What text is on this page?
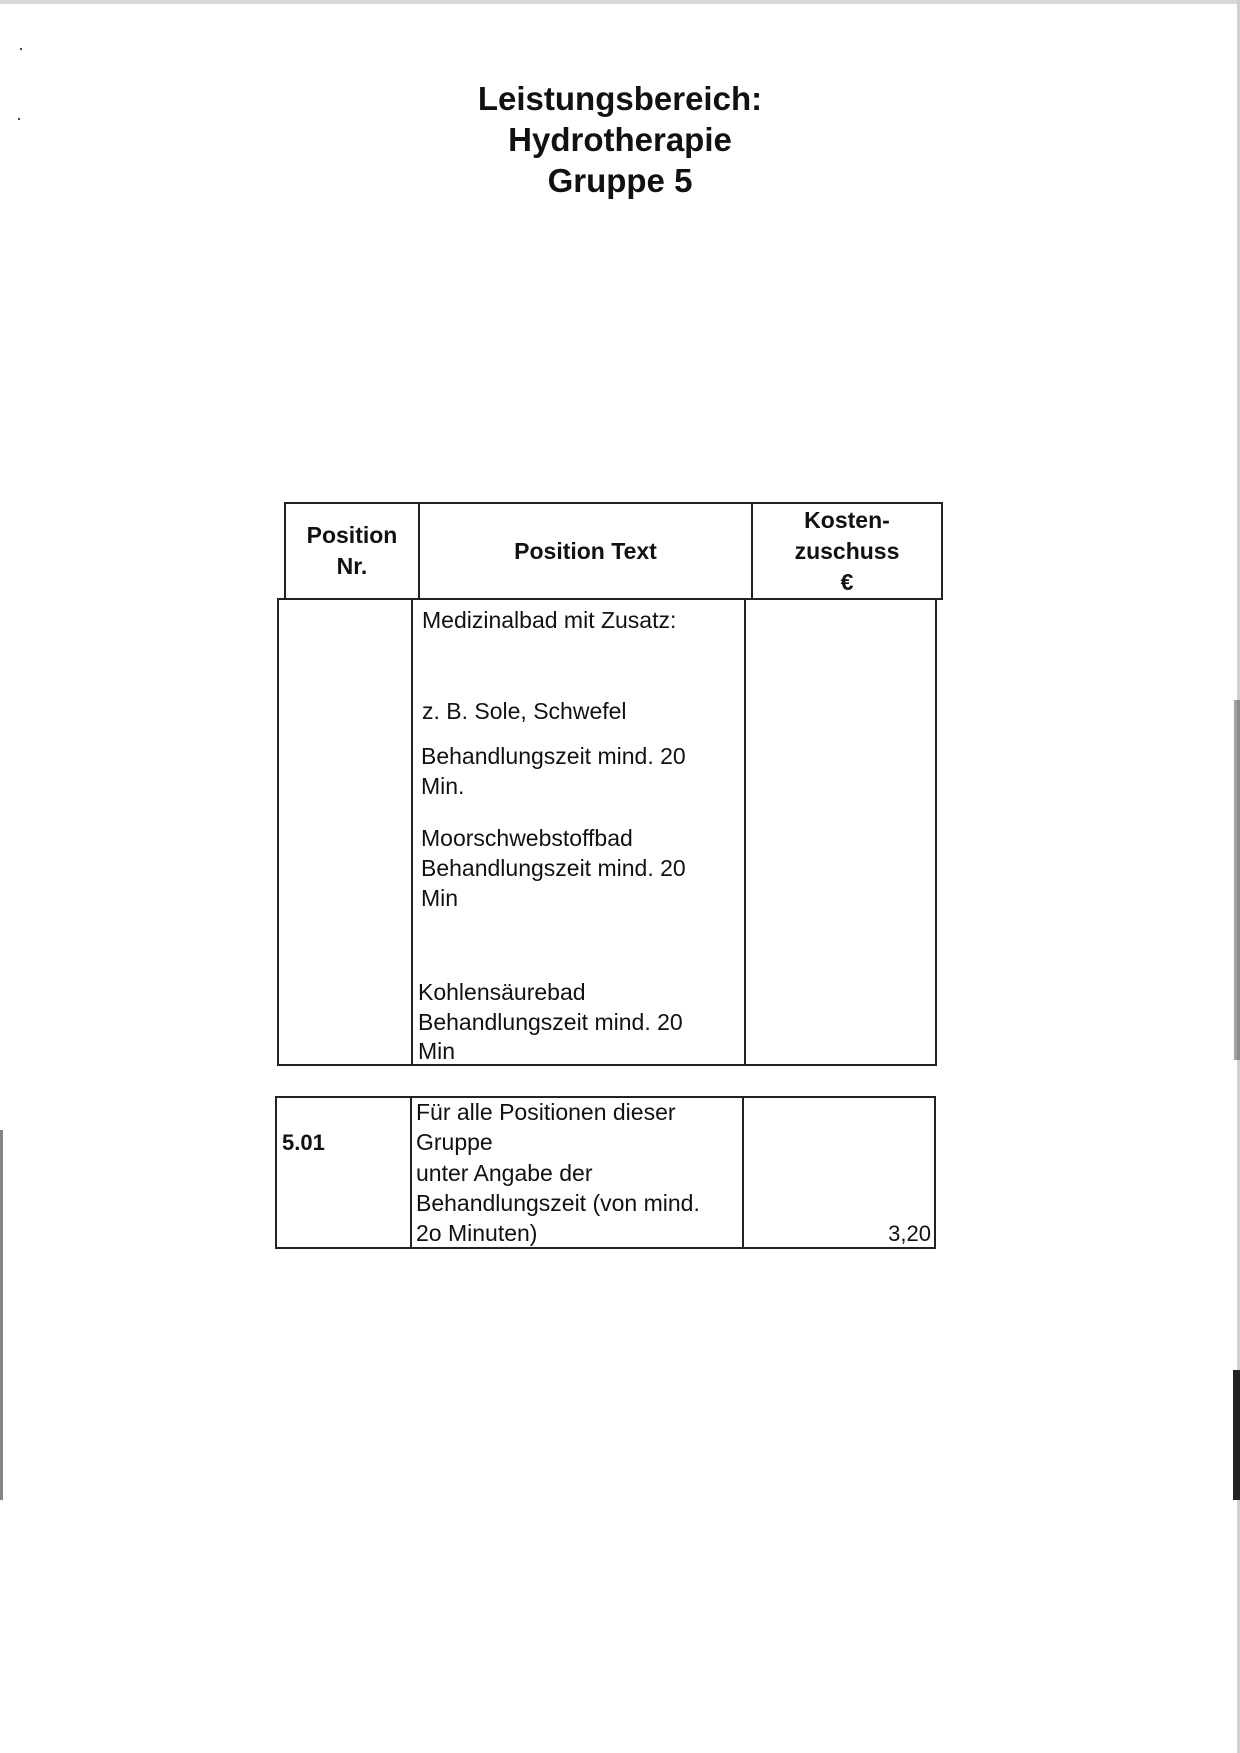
Leistungsbereich:
Hydrotherapie
Gruppe 5
Position
Nr.
Position Text
Kosten-
zuschuss
€
Medizinalbad mit Zusatz:
z. B. Sole, Schwefel
Behandlungszeit mind. 20
Min.
Moorschwebstoffbad
Behandlungszeit mind. 20
Min
Kohlensäurebad
Behandlungszeit mind. 20
Min
5.01
Für alle Positionen dieser
Gruppe
unter Angabe der
Behandlungszeit (von mind.
2o Minuten)	3,20
